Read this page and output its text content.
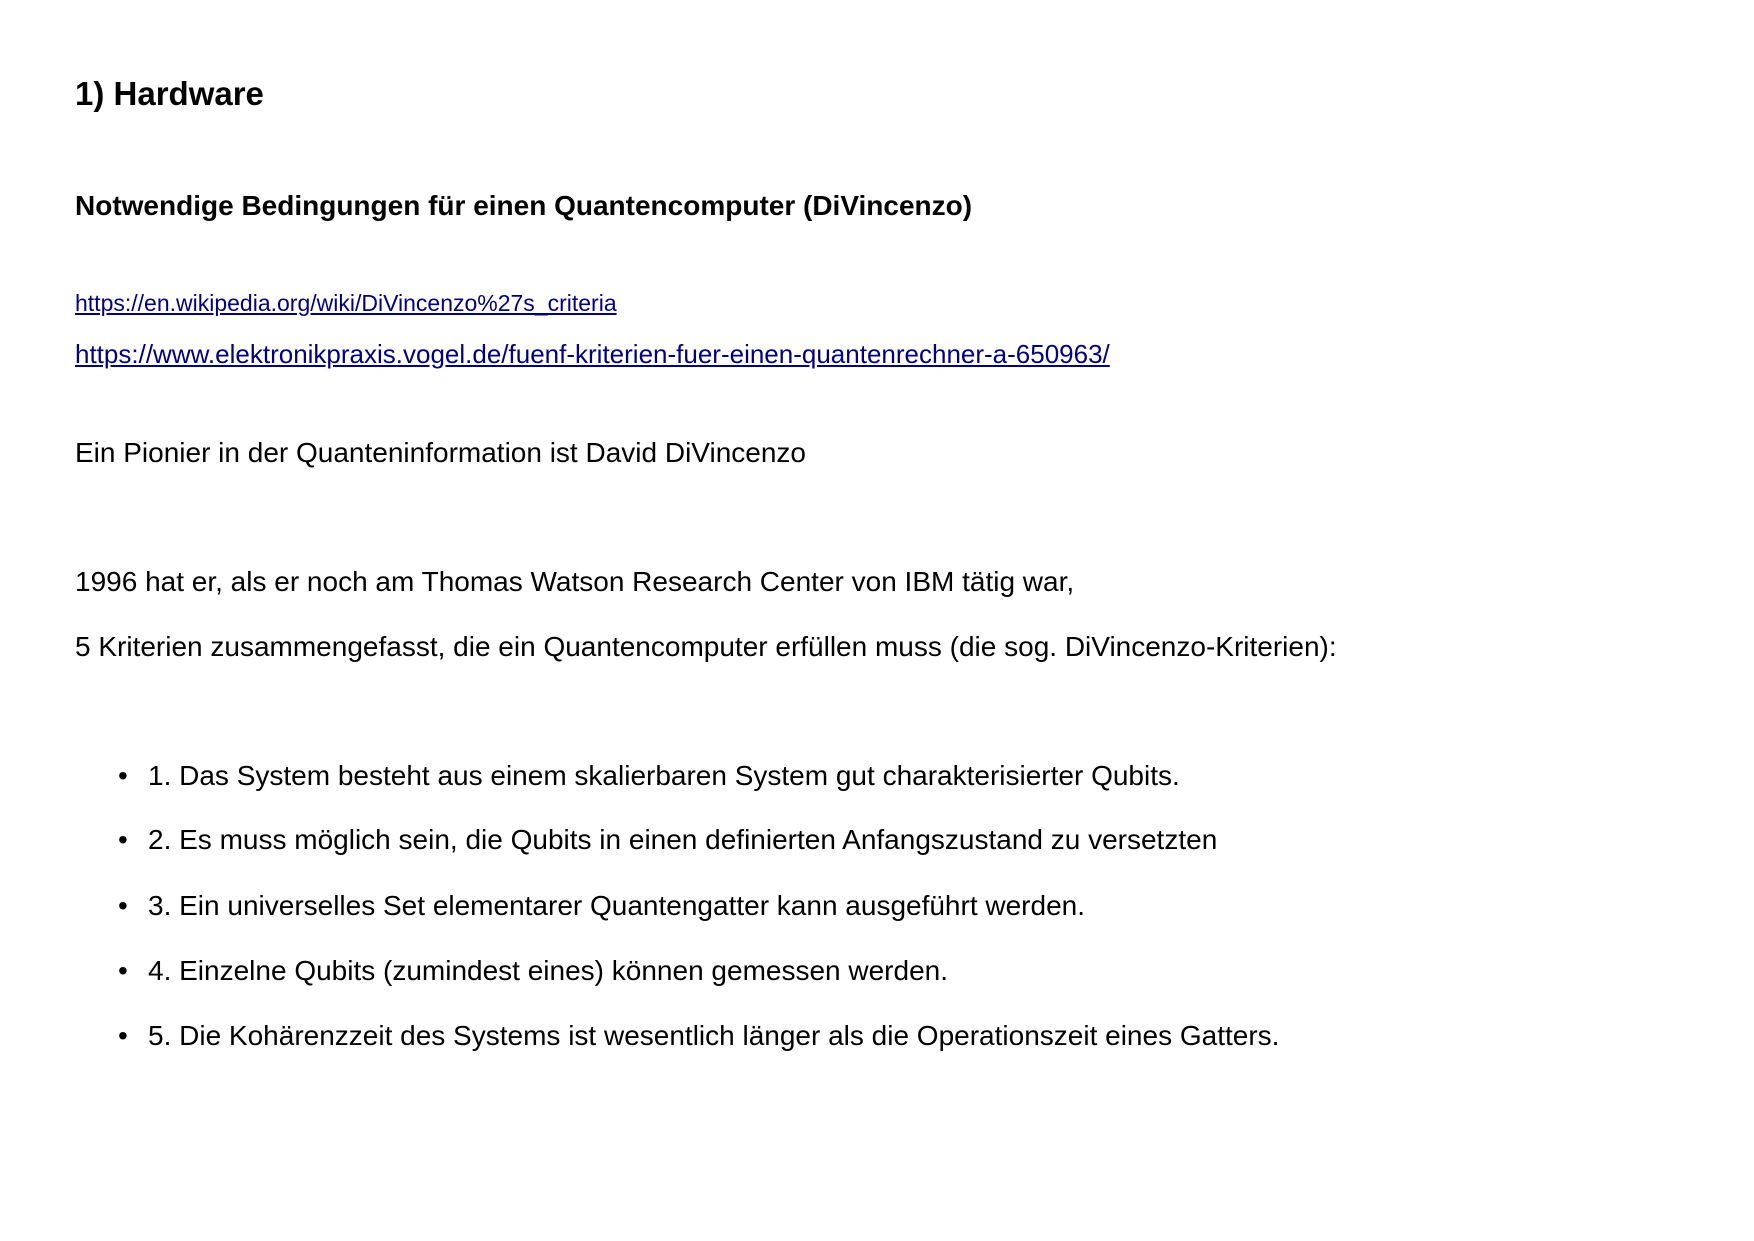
1) Hardware
Notwendige Bedingungen für einen Quantencomputer (DiVincenzo)
https://en.wikipedia.org/wiki/DiVincenzo%27s_criteria
https://www.elektronikpraxis.vogel.de/fuenf-kriterien-fuer-einen-quantenrechner-a-650963/

Ein Pionier in der Quanteninformation ist David DiVincenzo

1996 hat er, als er noch am Thomas Watson Research Center von IBM tätig war,

5 Kriterien zusammengefasst, die ein Quantencomputer erfüllen muss (die sog. DiVincenzo-Kriterien):

• 1. Das System besteht aus einem skalierbaren System gut charakterisierter Qubits.
• 2. Es muss möglich sein, die Qubits in einen definierten Anfangszustand zu versetzten
• 3. Ein universelles Set elementarer Quantengatter kann ausgeführt werden.
• 4. Einzelne Qubits (zumindest eines) können gemessen werden.
• 5. Die Kohärenzzeit des Systems ist wesentlich länger als die Operationszeit eines Gatters.
